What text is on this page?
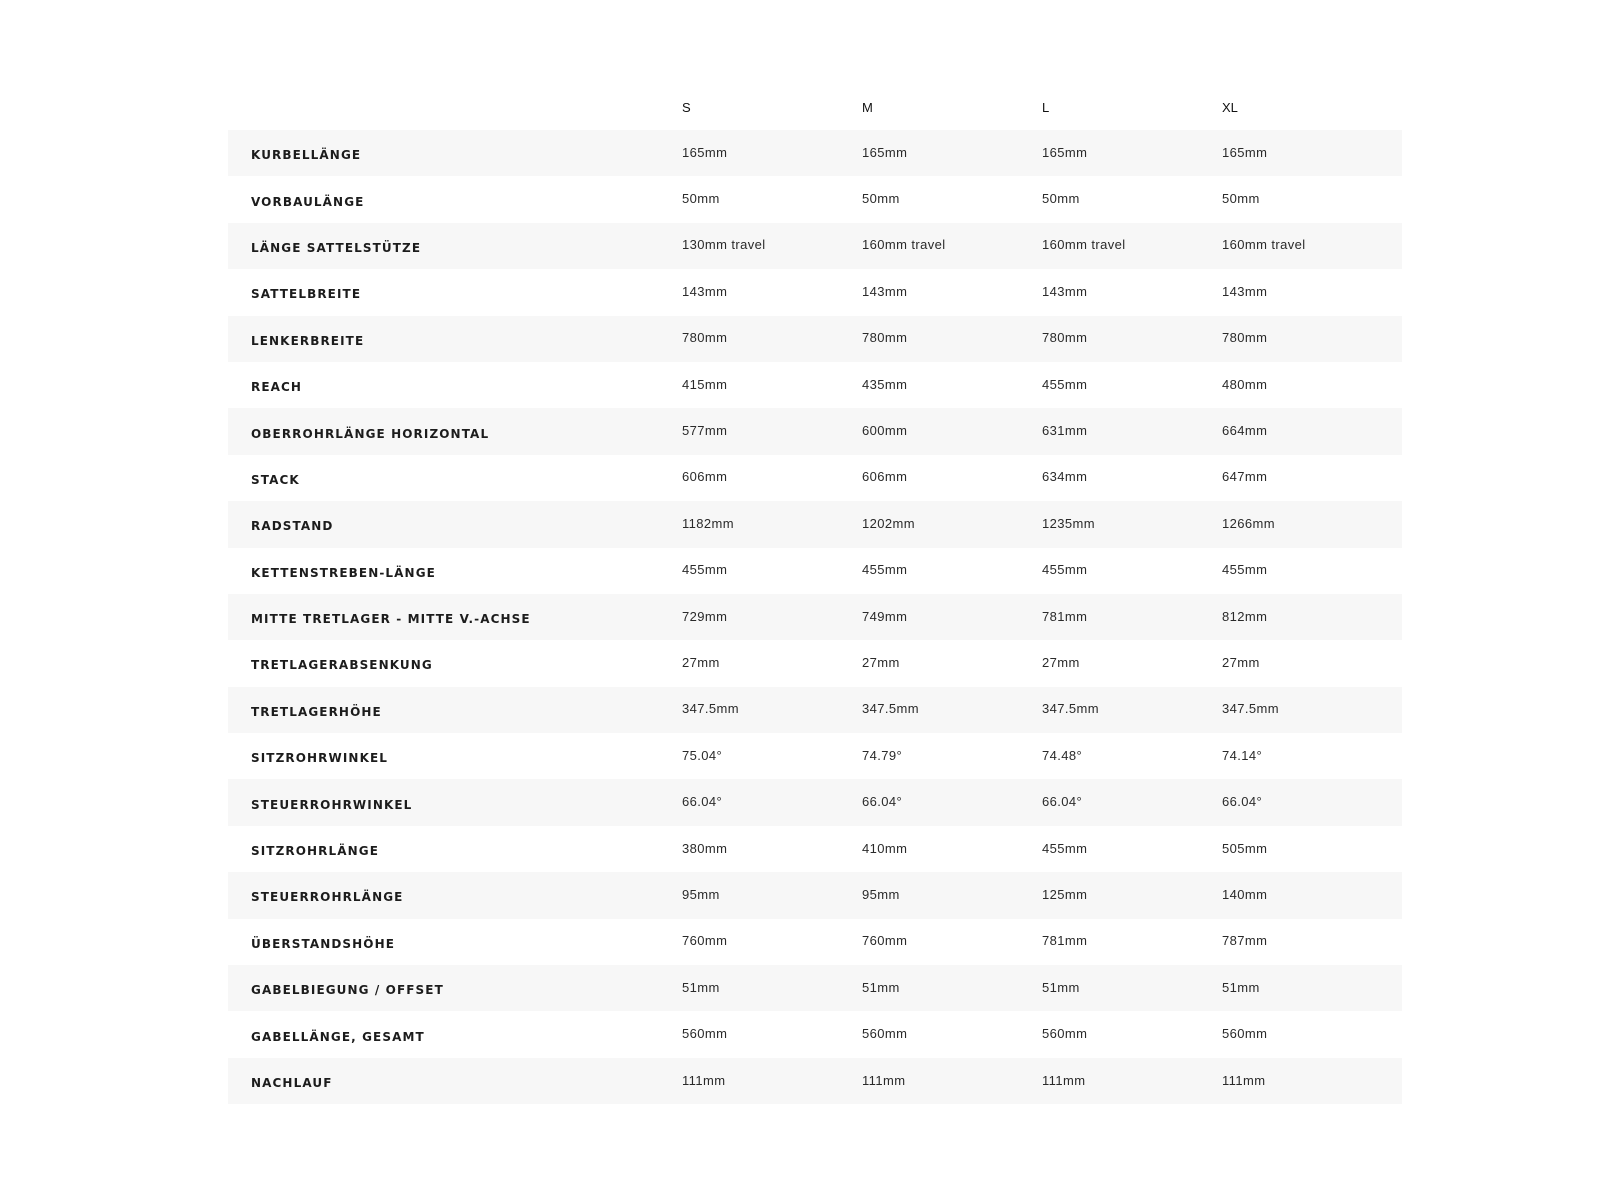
	S	M	L	XL
KURBELLÄNGE	165mm	165mm	165mm	165mm
VORBAULÄNGE	50mm	50mm	50mm	50mm
LÄNGE SATTELSTÜTZE	130mm travel	160mm travel	160mm travel	160mm travel
SATTELBREITE	143mm	143mm	143mm	143mm
LENKERBREITE	780mm	780mm	780mm	780mm
REACH	415mm	435mm	455mm	480mm
OBERROHRLÄNGE HORIZONTAL	577mm	600mm	631mm	664mm
STACK	606mm	606mm	634mm	647mm
RADSTAND	1182mm	1202mm	1235mm	1266mm
KETTENSTREBEN-LÄNGE	455mm	455mm	455mm	455mm
MITTE TRETLAGER - MITTE V.-ACHSE	729mm	749mm	781mm	812mm
TRETLAGERABSENKUNG	27mm	27mm	27mm	27mm
TRETLAGERHÖHE	347.5mm	347.5mm	347.5mm	347.5mm
SITZROHRWINKEL	75.04°	74.79°	74.48°	74.14°
STEUERROHRWINKEL	66.04°	66.04°	66.04°	66.04°
SITZROHRLÄNGE	380mm	410mm	455mm	505mm
STEUERROHRLÄNGE	95mm	95mm	125mm	140mm
ÜBERSTANDSHÖHE	760mm	760mm	781mm	787mm
GABELBIEGUNG / OFFSET	51mm	51mm	51mm	51mm
GABELLÄNGE, GESAMT	560mm	560mm	560mm	560mm
NACHLAUF	111mm	111mm	111mm	111mm
